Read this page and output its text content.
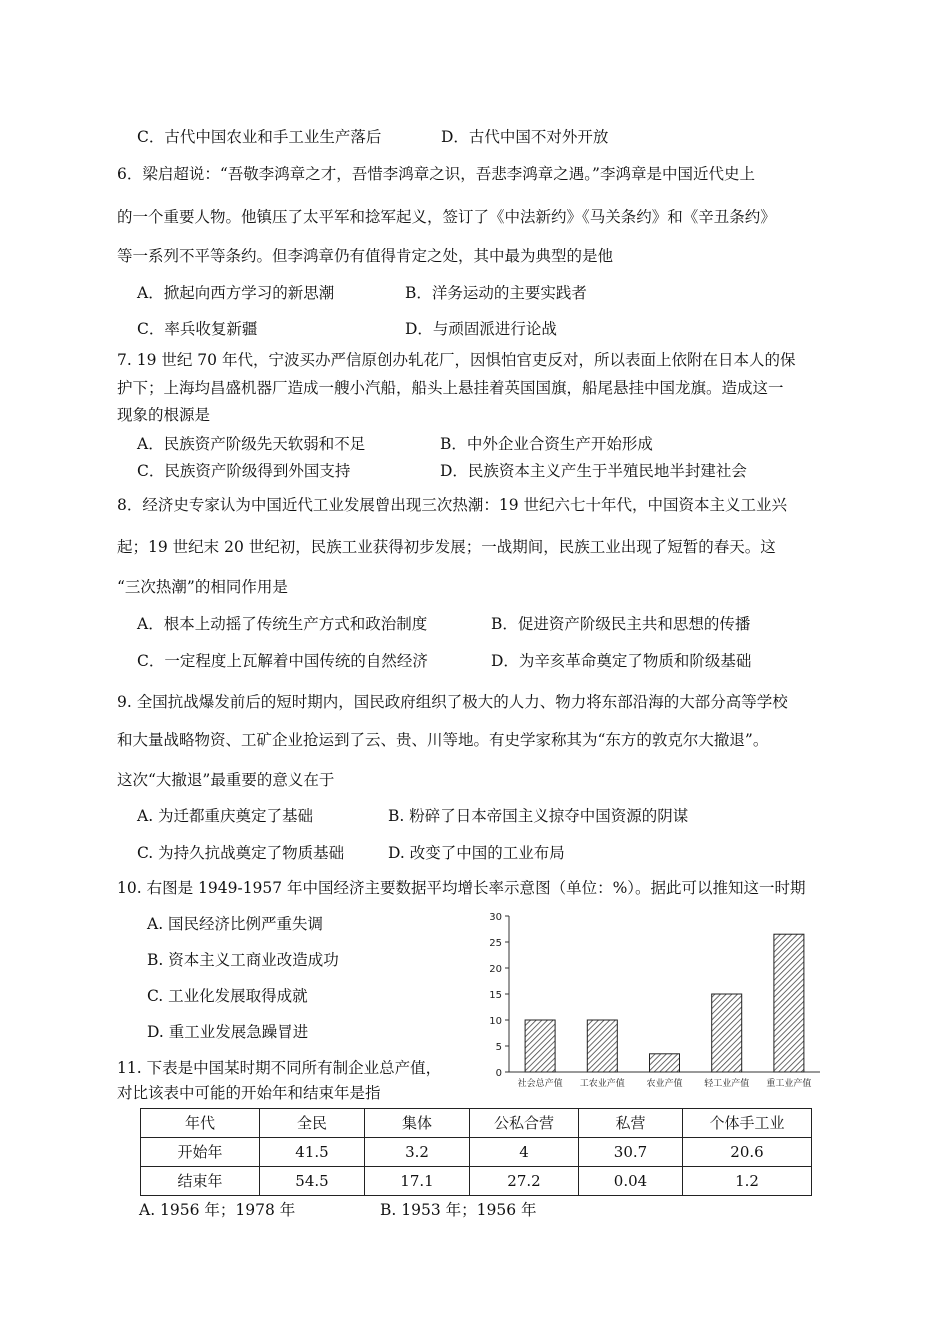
C．古代中国农业和手工业生产落后	D．古代中国不对外开放
6．梁启超说：“吾敬李鸿章之才，吾惜李鸿章之识，吾悲李鸿章之遇。”李鸿章是中国近代史上
的一个重要人物。他镇压了太平军和捻军起义，签订了《中法新约》《马关条约》和《辛丑条约》
等一系列不平等条约。但李鸿章仍有值得肯定之处，其中最为典型的是他
A．掀起向西方学习的新思潮	B．洋务运动的主要实践者
C．率兵收复新疆	D．与顽固派进行论战
7. 19 世纪 70 年代，宁波买办严信原创办轧花厂，因惧怕官吏反对，所以表面上依附在日本人的保
护下；上海均昌盛机器厂造成一艘小汽船，船头上悬挂着英国国旗，船尾悬挂中国龙旗。造成这一
现象的根源是
A．民族资产阶级先天软弱和不足	B．中外企业合资生产开始形成
C．民族资产阶级得到外国支持	D．民族资本主义产生于半殖民地半封建社会
8．经济史专家认为中国近代工业发展曾出现三次热潮：19 世纪六七十年代，中国资本主义工业兴
起；19 世纪末 20 世纪初，民族工业获得初步发展；一战期间，民族工业出现了短暂的春天。这
“三次热潮”的相同作用是
A．根本上动摇了传统生产方式和政治制度	B．促进资产阶级民主共和思想的传播
C．一定程度上瓦解着中国传统的自然经济	D．为辛亥革命奠定了物质和阶级基础
9. 全国抗战爆发前后的短时期内，国民政府组织了极大的人力、物力将东部沿海的大部分高等学校
和大量战略物资、工矿企业抢运到了云、贵、川等地。有史学家称其为“东方的敦克尔大撤退”。
这次“大撤退”最重要的意义在于
A. 为迁都重庆奠定了基础	B. 粉碎了日本帝国主义掠夺中国资源的阴谋
C. 为持久抗战奠定了物质基础	D. 改变了中国的工业布局
10. 右图是 1949-1957 年中国经济主要数据平均增长率示意图（单位：%）。据此可以推知这一时期
A. 国民经济比例严重失调
B. 资本主义工商业改造成功
C. 工业化发展取得成就
D. 重工业发展急躁冒进
0
5
10
15
20
25
30
社会总产值 工农业产值 农业产值 轻工业产值 重工业产值
11. 下表是中国某时期不同所有制企业总产值，
对比该表中可能的开始年和结束年是指
年代	全民	集体	公私合营	私营	个体手工业
开始年	41.5	3.2	4	30.7	20.6
结束年	54.5	17.1	27.2	0.04	1.2
A. 1956 年；1978 年	B. 1953 年；1956 年
